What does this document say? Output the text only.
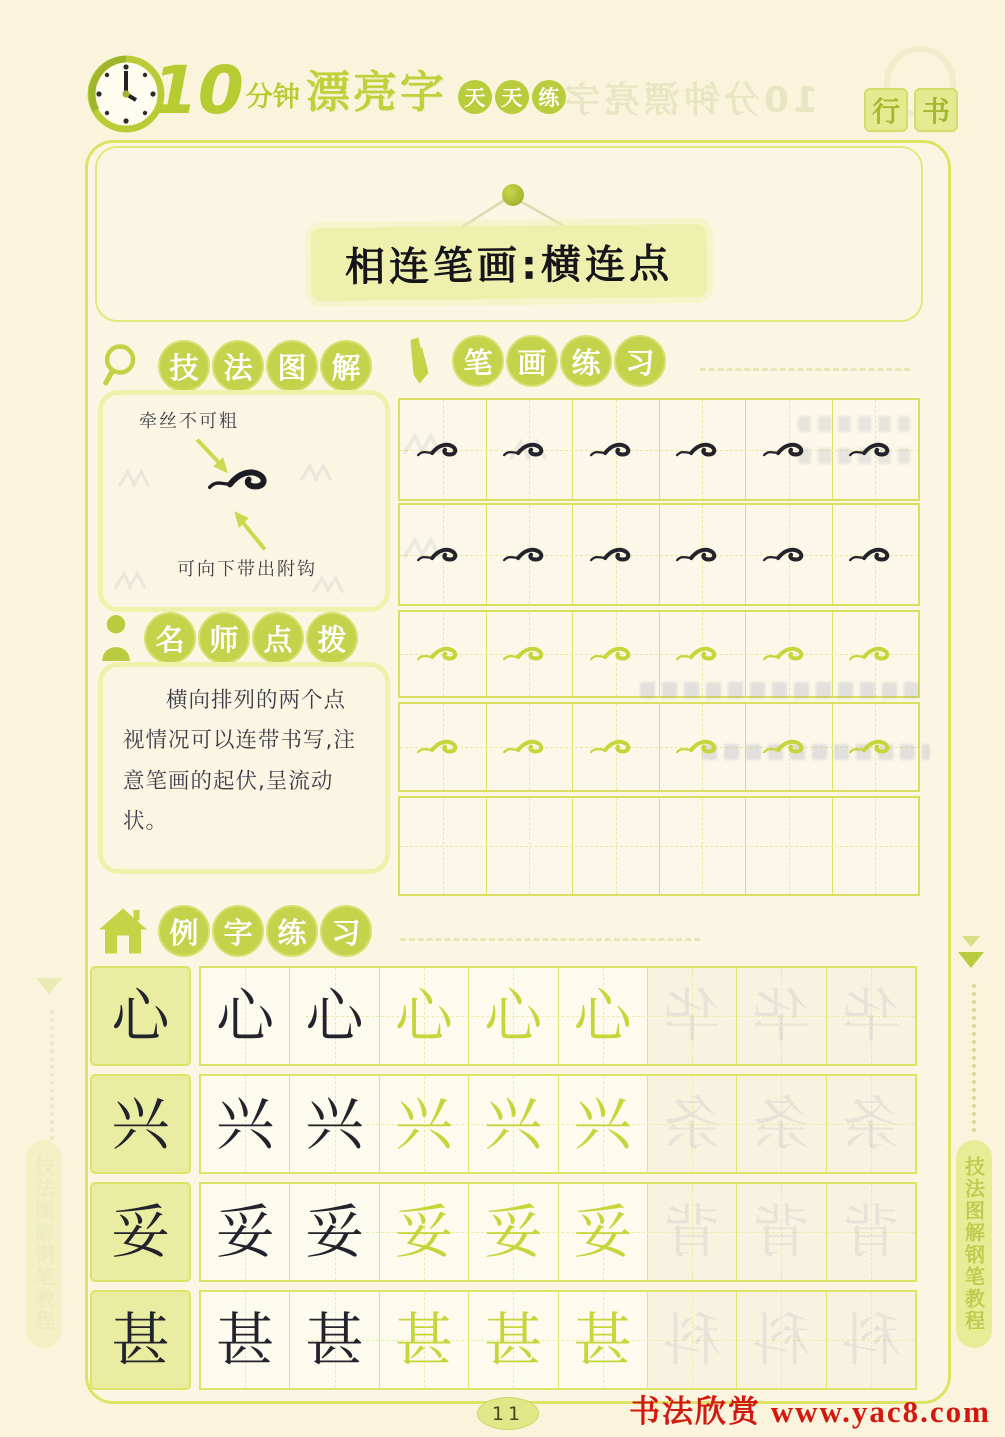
10 分钟 漂亮字 天 天 练 10分钟漂亮字 行 书
相连笔画:横连点
技 法 图 解
牵丝不可粗
可向下带出附钩
笔 画 练 习
名 师 点 拨
横向排列的两个点视情况可以连带书写,注意笔画的起伏,呈流动状。
例 字 练 习
心 心 心 心 心 心 华 华 华
兴 兴 兴 兴 兴 兴 条 条 条
妥 妥 妥 妥 妥 妥 背 背 背
甚 甚 甚 甚 甚 甚 科 科 科
技法图解钢笔教程
技法图解钢笔教程
11	书法欣赏 www.yac8.com
